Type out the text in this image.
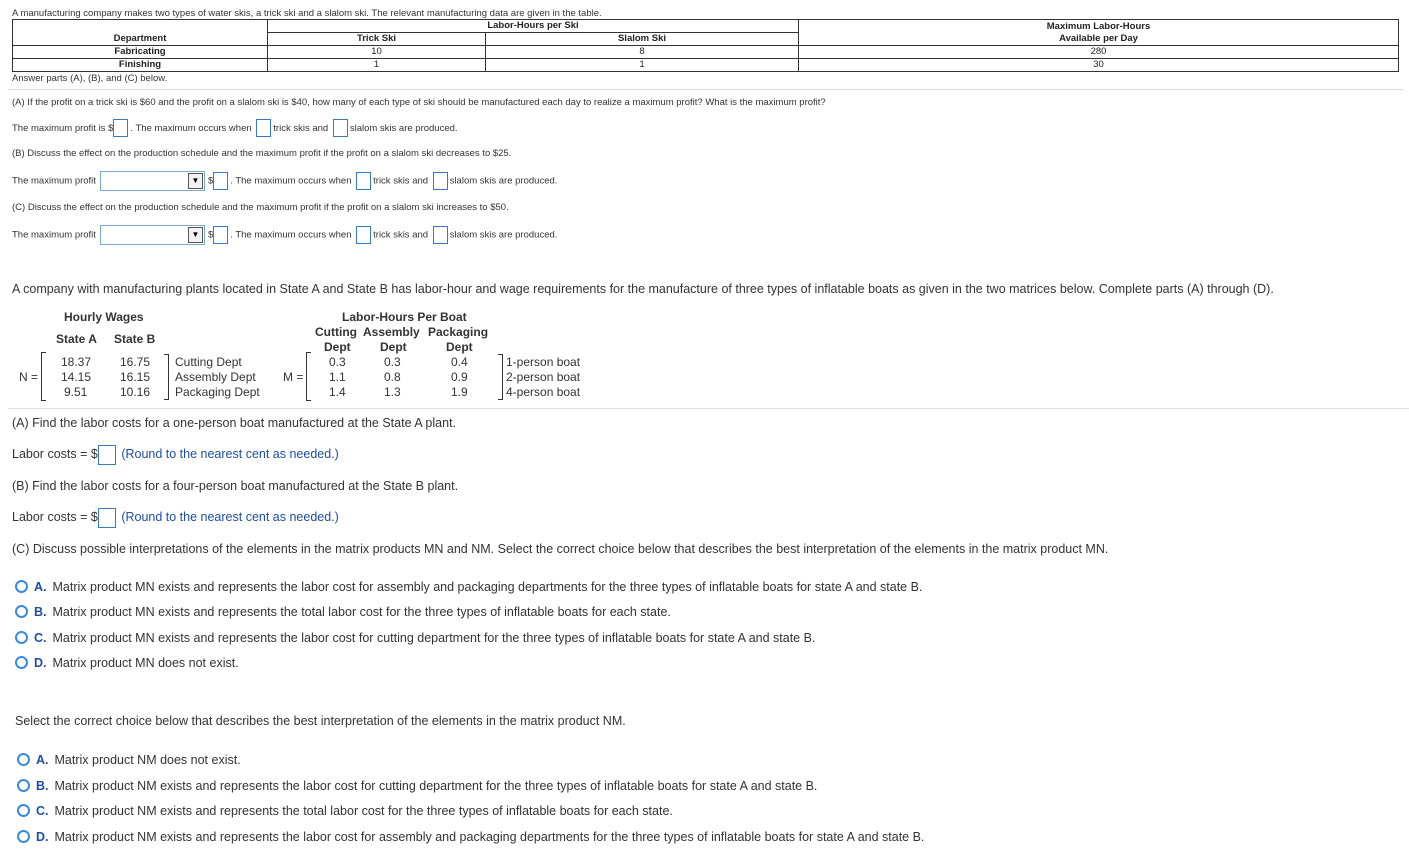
A manufacturing company makes two types of water skis, a trick ski and a slalom ski. The relevant manufacturing data are given in the table.
Department	Labor-Hours per Ski		Maximum Labor-Hours
Available per Day

	Trick Ski	Slalom Ski	
Fabricating	10	8	280
Finishing	1	1	30
Answer parts (A), (B), and (C) below.
(A) If the profit on a trick ski is $60 and the profit on a slalom ski is $40, how many of each type of ski should be manufactured each day to realize a maximum profit? What is the maximum profit?
The maximum profit is $ . The maximum occurs when trick skis and slalom skis are produced.
(B) Discuss the effect on the production schedule and the maximum profit if the profit on a slalom ski decreases to $25.
The maximum profit	▼ $ . The maximum occurs when trick skis and slalom skis are produced.
(C) Discuss the effect on the production schedule and the maximum profit if the profit on a slalom ski increases to $50.
The maximum profit	▼ $ . The maximum occurs when trick skis and slalom skis are produced.
A company with manufacturing plants located in State A and State B has labor-hour and wage requirements for the manufacture of three types of inflatable boats as given in the two matrices below. Complete parts (A) through (D).
Hourly Wages
State A State B
N =
18.37 16.75 Cutting Dept
14.15 16.15 Assembly Dept
9.51	10.16 Packaging Dept
Labor-Hours Per Boat
Cutting Assembly Packaging
Dept Dept	Dept
M =
0.3	0.3	0.4	1-person boat
1.1	0.8	0.9	2-person boat
1.4	1.3	1.9	4-person boat
(A) Find the labor costs for a one-person boat manufactured at the State A plant.
Labor costs = $ (Round to the nearest cent as needed.)
(B) Find the labor costs for a four-person boat manufactured at the State B plant.
Labor costs = $ (Round to the nearest cent as needed.)
(C) Discuss possible interpretations of the elements in the matrix products MN and NM. Select the correct choice below that describes the best interpretation of the elements in the matrix product MN.
A. Matrix product MN exists and represents the labor cost for assembly and packaging departments for the three types of inflatable boats for state A and state B.
B. Matrix product MN exists and represents the total labor cost for the three types of inflatable boats for each state.
C. Matrix product MN exists and represents the labor cost for cutting department for the three types of inflatable boats for state A and state B.
D. Matrix product MN does not exist.
Select the correct choice below that describes the best interpretation of the elements in the matrix product NM.
A. Matrix product NM does not exist.
B. Matrix product NM exists and represents the labor cost for cutting department for the three types of inflatable boats for state A and state B.
C. Matrix product NM exists and represents the total labor cost for the three types of inflatable boats for each state.
D. Matrix product NM exists and represents the labor cost for assembly and packaging departments for the three types of inflatable boats for state A and state B.
